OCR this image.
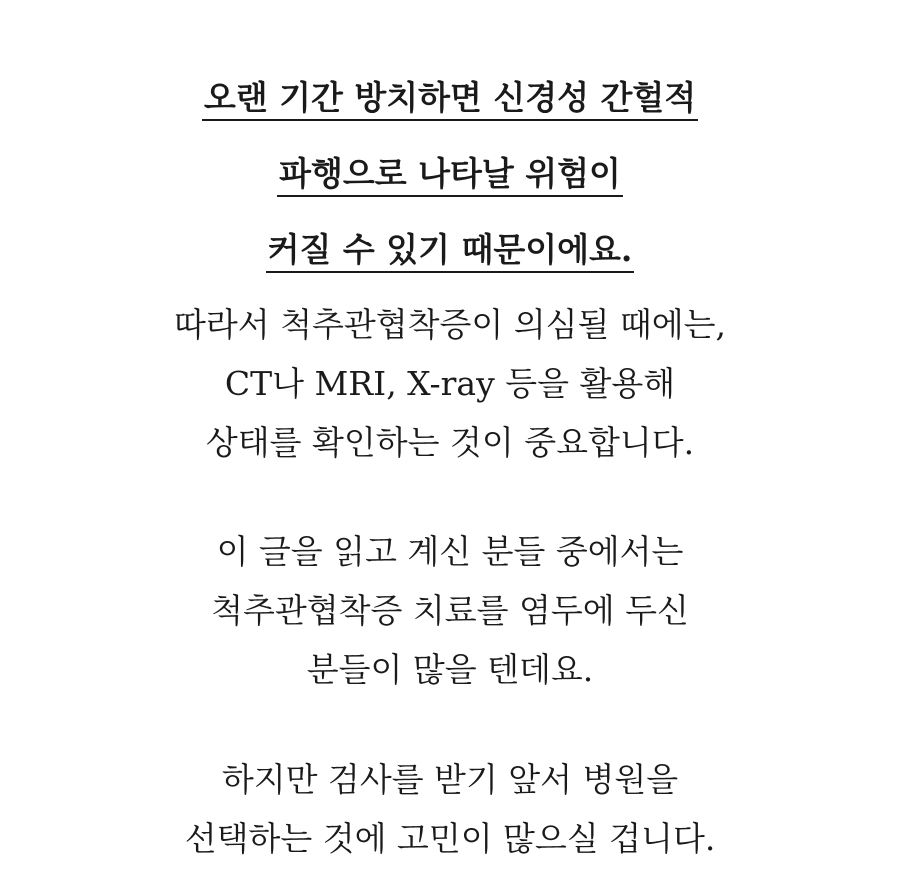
오랜 기간 방치하면 신경성 간헐적
파행으로 나타날 위험이
커질 수 있기 때문이에요.
따라서 척추관협착증이 의심될 때에는,
CT나 MRI, X-ray 등을 활용해
상태를 확인하는 것이 중요합니다.
이 글을 읽고 계신 분들 중에서는
척추관협착증 치료를 염두에 두신
분들이 많을 텐데요.
하지만 검사를 받기 앞서 병원을
선택하는 것에 고민이 많으실 겁니다.
